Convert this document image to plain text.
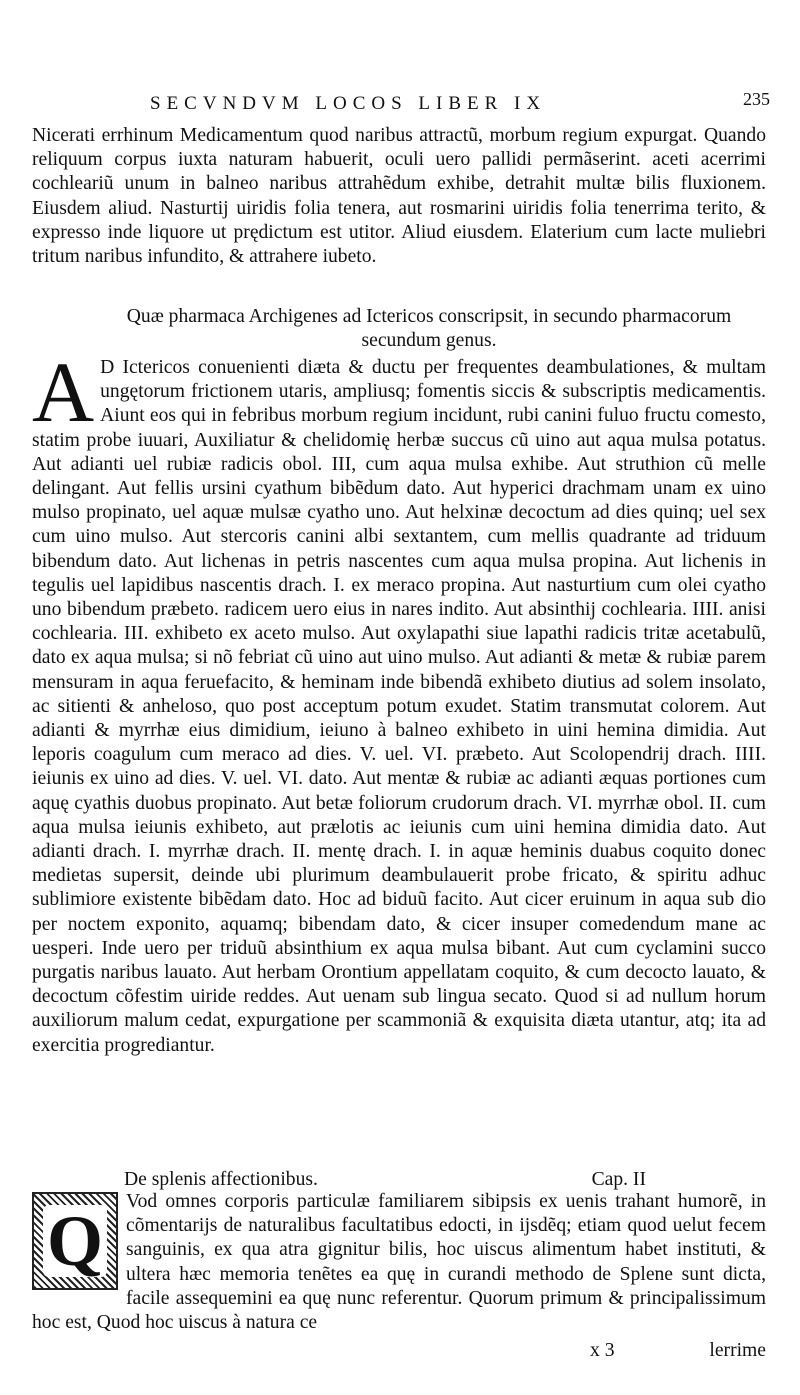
SECVNDVM LOCOS LIBER IX	235

Nicerati errhinum Medicamentum quod naribus attractũ, morbum regium expurgat. Quando reliquum corpus iuxta naturam habuerit, oculi uero pallidi permãserint. aceti acerrimi cochleariũ unum in balneo naribus attrahẽdum exhibe, detrahit multæ bilis fluxionem. Eiusdem aliud. Nasturtij uiridis folia tenera, aut rosmarini uiridis folia tenerrima terito, & expresso inde liquore ut prędictum est utitor. Aliud eiusdem. Elaterium cum lacte muliebri tritum naribus infundito, & attrahere iubeto.

Quæ pharmaca Archigenes ad Ictericos conscripsit, in secundo pharmacorum secundum genus.
A D Ictericos conuenienti diæta & ductu per frequentes deambulationes, & multam ungętorum frictionem utaris, ampliusq; fomentis siccis & subscriptis medicamentis. Aiunt eos qui in febribus morbum regium incidunt, rubi canini fuluo fructu comesto, statim probe iuuari, Auxiliatur & chelidomię herbæ succus cũ uino aut aqua mulsa potatus. Aut adianti uel rubiæ radicis obol. III, cum aqua mulsa exhibe. Aut struthion cũ melle delingant. Aut fellis ursini cyathum bibẽdum dato. Aut hyperici drachmam unam ex uino mulso propinato, uel aquæ mulsæ cyatho uno. Aut helxinæ decoctum ad dies quinq; uel sex cum uino mulso. Aut stercoris canini albi sextantem, cum mellis quadrante ad triduum bibendum dato. Aut lichenas in petris nascentes cum aqua mulsa propina. Aut lichenis in tegulis uel lapidibus nascentis drach. I. ex meraco propina. Aut nasturtium cum olei cyatho uno bibendum præbeto. radicem uero eius in nares indito. Aut absinthij cochlearia. IIII. anisi cochlearia. III. exhibeto ex aceto mulso. Aut oxylapathi siue lapathi radicis tritæ acetabulũ, dato ex aqua mulsa; si nõ febriat cũ uino aut uino mulso. Aut adianti & metæ & rubiæ parem mensuram in aqua feruefacito, & heminam inde bibendã exhibeto diutius ad solem insolato, ac sitienti & anheloso, quo post acceptum potum exudet. Statim transmutat colorem. Aut adianti & myrrhæ eius dimidium, ieiuno à balneo exhibeto in uini hemina dimidia. Aut leporis coagulum cum meraco ad dies. V. uel. VI. præbeto. Aut Scolopendrij drach. IIII. ieiunis ex uino ad dies. V. uel. VI. dato. Aut mentæ & rubiæ ac adianti æquas portiones cum aquę cyathis duobus propinato. Aut betæ foliorum crudorum drach. VI. myrrhæ obol. II. cum aqua mulsa ieiunis exhibeto, aut prælotis ac ieiunis cum uini hemina dimidia dato. Aut adianti drach. I. myrrhæ drach. II. mentę drach. I. in aquæ heminis duabus coquito donec medietas supersit, deinde ubi plurimum deambulauerit probe fricato, & spiritu adhuc sublimiore existente bibẽdam dato. Hoc ad biduũ facito. Aut cicer eruinum in aqua sub dio per noctem exponito, aquamq; bibendam dato, & cicer insuper comedendum mane ac uesperi. Inde uero per triduũ absinthium ex aqua mulsa bibant. Aut cum cyclamini succo purgatis naribus lauato. Aut herbam Orontium appellatam coquito, & cum decocto lauato, & decoctum cõfestim uiride reddes. Aut uenam sub lingua secato. Quod si ad nullum horum auxiliorum malum cedat, expurgatione per scammoniã & exquisita diæta utantur, atq; ita ad exercitia progrediantur.
De splenis affectionibus.	Cap. II
Q Vod omnes corporis particulæ familiarem sibipsis ex uenis trahant humorẽ, in cõmentarijs de naturalibus facultatibus edocti, in ijsdẽq; etiam quod uelut fecem sanguinis, ex qua atra gignitur bilis, hoc uiscus alimentum habet instituti, & ultera hæc memoria tenẽtes ea quę in curandi methodo de Splene sunt dicta, facile assequemini ea quę nunc referentur. Quorum primum & principalissimum hoc est, Quod hoc uiscus à natura ce
x 3	lerrime
